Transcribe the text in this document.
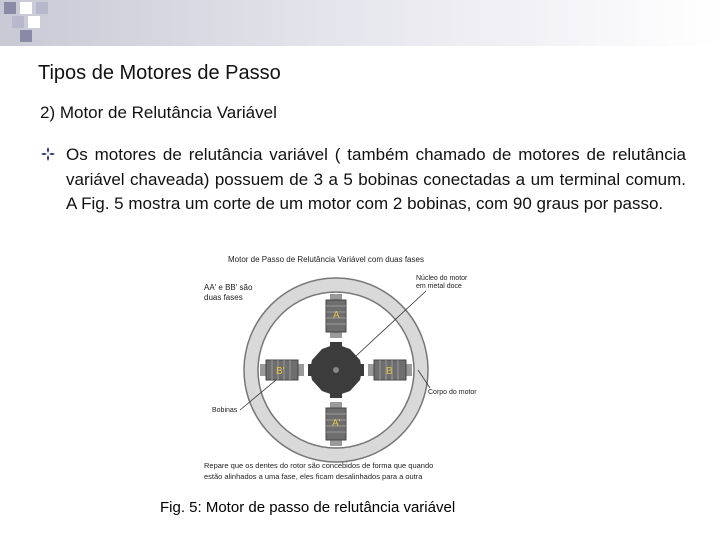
Tipos de Motores de Passo
2) Motor de Relutância Variável
Os motores de relutância variável ( também chamado de motores de relutância variável chaveada) possuem de 3 a 5 bobinas conectadas a um terminal comum. A Fig. 5 mostra um corte de um motor com 2 bobinas, com 90 graus por passo.
Motor de Passo de Relutância Variável com duas fases
A
A'
B'	B
AA' e BB' são
duas fases
Núcleo do motor
em metal doce
Corpo do motor
Bobinas
Repare que os dentes do rotor são concebidos de forma que quando
estão alinhados a uma fase, eles ficam desalinhados para a outra
Fig. 5: Motor de passo de relutância variável
